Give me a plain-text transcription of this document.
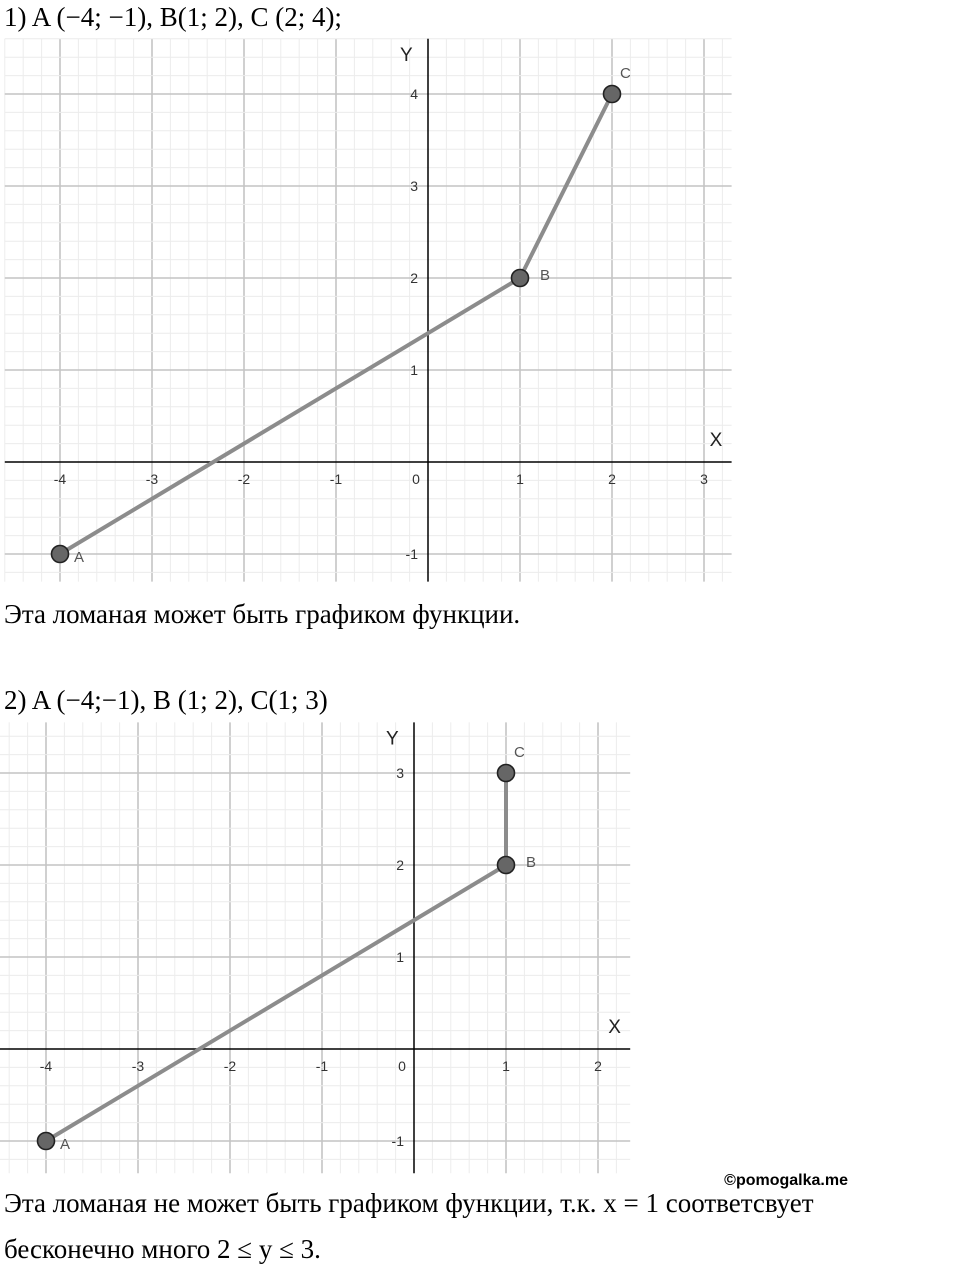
1) A (−4; −1), B(1; 2), C (2; 4);
-4	-3	-2	-1	0	1	2	3
-1
1
2
3
4
X
Y
A
B
C
Эта ломаная может быть графиком функции.
2) A (−4;−1), B (1; 2), C(1; 3)
-4	-3	-2	-1	0	1	2
-1
1
2
3
X
Y
A
B
C
©pomogalka.me
Эта ломаная не может быть графиком функции, т.к. x = 1 соответсвует
бесконечно много 2 ≤ y ≤ 3.
